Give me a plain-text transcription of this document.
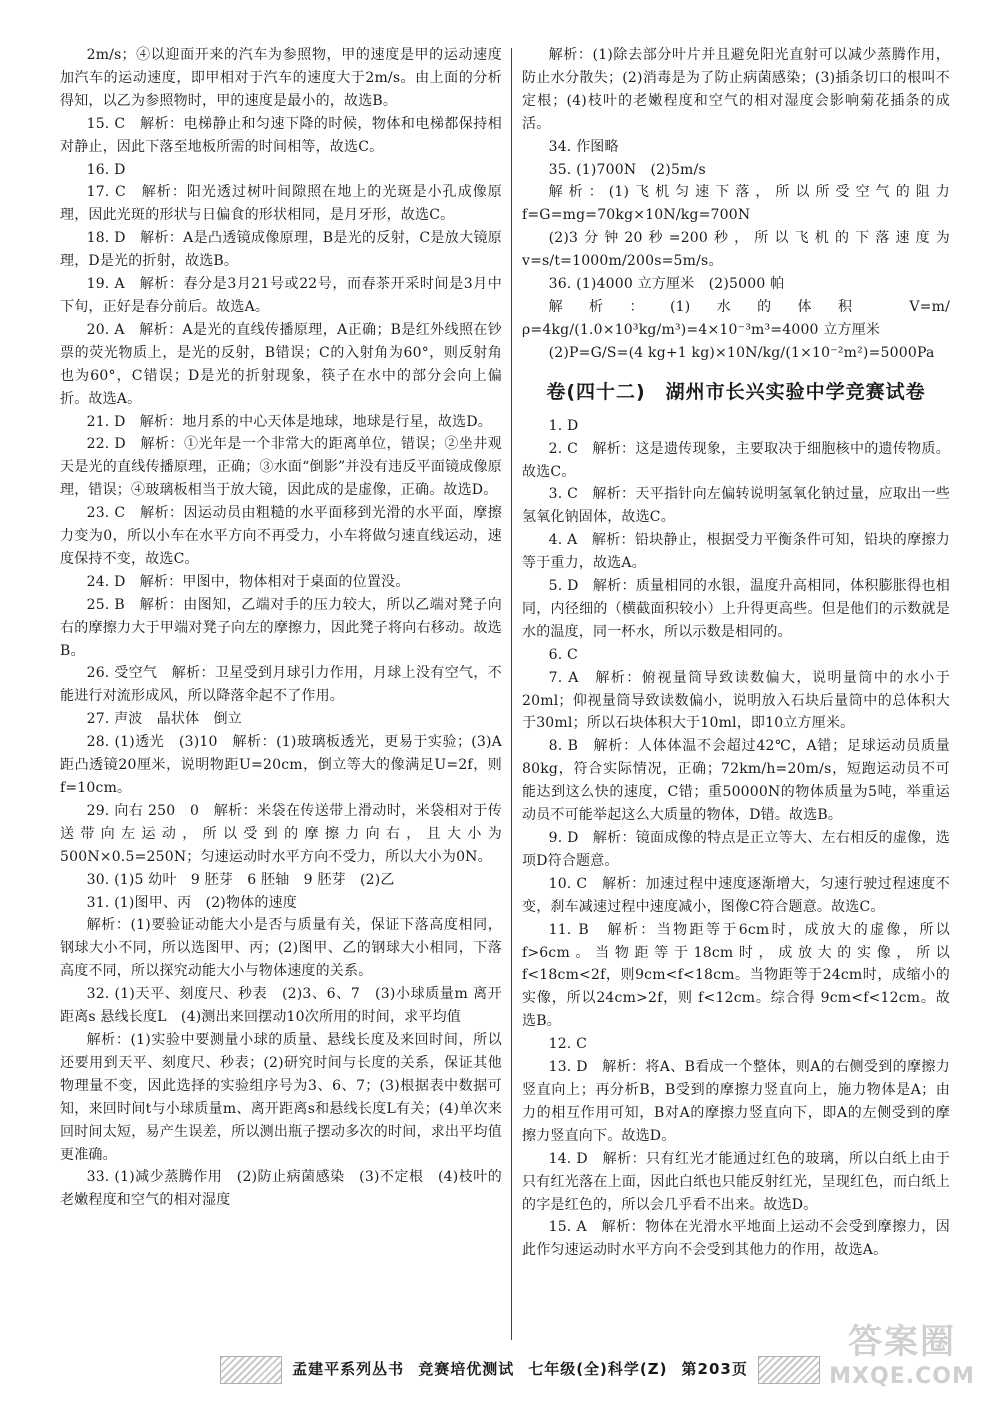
2m/s；④以迎面开来的汽车为参照物，甲的速度是甲的运动速度加汽车的运动速度，即甲相对于汽车的速度大于2m/s。由上面的分析得知，以乙为参照物时，甲的速度是最小的，故选B。

15. C　解析：电梯静止和匀速下降的时候，物体和电梯都保持相对静止，因此下落至地板所需的时间相等，故选C。

16. D

17. C　解析：阳光透过树叶间隙照在地上的光斑是小孔成像原理，因此光斑的形状与日偏食的形状相同，是月牙形，故选C。

18. D　解析：A是凸透镜成像原理，B是光的反射，C是放大镜原理，D是光的折射，故选B。

19. A　解析：春分是3月21号或22号，而春茶开采时间是3月中下旬，正好是春分前后。故选A。

20. A　解析：A是光的直线传播原理，A正确；B是红外线照在钞票的荧光物质上，是光的反射，B错误；C的入射角为60°，则反射角也为60°，C错误；D是光的折射现象，筷子在水中的部分会向上偏折。故选A。

21. D　解析：地月系的中心天体是地球，地球是行星，故选D。

22. D　解析：①光年是一个非常大的距离单位，错误；②坐井观天是光的直线传播原理，正确；③水面“倒影”并没有违反平面镜成像原理，错误；④玻璃板相当于放大镜，因此成的是虚像，正确。故选D。

23. C　解析：因运动员由粗糙的水平面移到光滑的水平面，摩擦力变为0，所以小车在水平方向不再受力，小车将做匀速直线运动，速度保持不变，故选C。

24. D　解析：甲图中，物体相对于桌面的位置没。

25. B　解析：由图知，乙端对手的压力较大，所以乙端对凳子向右的摩擦力大于甲端对凳子向左的摩擦力，因此凳子将向右移动。故选B。

26. 受空气　解析：卫星受到月球引力作用，月球上没有空气，不能进行对流形成风，所以降落伞起不了作用。

27. 声波　晶状体　倒立

28. (1)透光　(3)10　解析：(1)玻璃板透光，更易于实验；(3)A距凸透镜20厘米，说明物距U=20cm，倒立等大的像满足U=2f，则f=10cm。

29. 向右 250　0　解析：米袋在传送带上滑动时，米袋相对于传送带向左运动，所以受到的摩擦力向右，且大小为500N×0.5=250N；匀速运动时水平方向不受力，所以大小为0N。

30. (1)5 幼叶　9 胚芽　6 胚轴　9 胚芽　(2)乙

31. (1)图甲、丙　(2)物体的速度

解析：(1)要验证动能大小是否与质量有关，保证下落高度相同，钢球大小不同，所以选图甲、丙；(2)图甲、乙的钢球大小相同，下落高度不同，所以探究动能大小与物体速度的关系。

32. (1)天平、刻度尺、秒表　(2)3、6、7　(3)小球质量m 离开距离s 悬线长度L　(4)测出来回摆动10次所用的时间，求平均值

解析：(1)实验中要测量小球的质量、悬线长度及来回时间，所以还要用到天平、刻度尺、秒表；(2)研究时间与长度的关系，保证其他物理量不变，因此选择的实验组序号为3、6、7；(3)根据表中数据可知，来回时间t与小球质量m、离开距离s和悬线长度L有关；(4)单次来回时间太短，易产生误差，所以测出瓶子摆动多次的时间，求出平均值更准确。

33. (1)减少蒸腾作用　(2)防止病菌感染　(3)不定根　(4)枝叶的老嫩程度和空气的相对湿度

解析：(1)除去部分叶片并且避免阳光直射可以减少蒸腾作用，防止水分散失；(2)消毒是为了防止病菌感染；(3)插条切口的根叫不定根；(4)枝叶的老嫩程度和空气的相对湿度会影响菊花插条的成活。

34. 作图略

35. (1)700N　(2)5m/s

解析：(1)飞机匀速下落，所以所受空气的阻力 f=G=mg=70kg×10N/kg=700N

(2)3分钟20秒=200秒，所以飞机的下落速度为 v=s/t=1000m/200s=5m/s。

36. (1)4000 立方厘米　(2)5000 帕

解析：(1)水的体积 V=m/ρ=4kg/(1.0×10³kg/m³)=4×10⁻³m³=4000 立方厘米

(2)P=G/S=(4 kg+1 kg)×10N/kg/(1×10⁻²m²)=5000Pa

卷(四十二)　湖州市长兴实验中学竞赛试卷

1. D

2. C　解析：这是遗传现象，主要取决于细胞核中的遗传物质。故选C。

3. C　解析：天平指针向左偏转说明氢氧化钠过量，应取出一些氢氧化钠固体，故选C。

4. A　解析：铅块静止，根据受力平衡条件可知，铅块的摩擦力等于重力，故选A。

5. D　解析：质量相同的水银，温度升高相同，体积膨胀得也相同，内径细的（横截面积较小）上升得更高些。但是他们的示数就是水的温度，同一杯水，所以示数是相同的。

6. C

7. A　解析：俯视量筒导致读数偏大，说明量筒中的水小于20ml；仰视量筒导致读数偏小，说明放入石块后量筒中的总体积大于30ml；所以石块体积大于10ml，即10立方厘米。

8. B　解析：人体体温不会超过42℃，A错；足球运动员质量80kg，符合实际情况，正确；72km/h=20m/s，短跑运动员不可能达到这么快的速度，C错；重50000N的物体质量为5吨，举重运动员不可能举起这么大质量的物体，D错。故选B。

9. D　解析：镜面成像的特点是正立等大、左右相反的虚像，选项D符合题意。

10. C　解析：加速过程中速度逐渐增大，匀速行驶过程速度不变，刹车减速过程中速度减小，图像C符合题意。故选C。

11. B　解析：当物距等于6cm时，成放大的虚像，所以 f>6cm。当物距等于18cm时，成放大的实像，所以 f<18cm<2f，则9cm<f<18cm。当物距等于24cm时，成缩小的实像，所以24cm>2f，则 f<12cm。综合得 9cm<f<12cm。故选B。

12. C

13. D　解析：将A、B看成一个整体，则A的右侧受到的摩擦力竖直向上；再分析B，B受到的摩擦力竖直向上，施力物体是A；由力的相互作用可知，B对A的摩擦力竖直向下，即A的左侧受到的摩擦力竖直向下。故选D。

14. D　解析：只有红光才能通过红色的玻璃，所以白纸上由于只有红光落在上面，因此白纸也只能反射红光，呈现红色，而白纸上的字是红色的，所以会几乎看不出来。故选D。

15. A　解析：物体在光滑水平地面上运动不会受到摩擦力，因此作匀速运动时水平方向不会受到其他力的作用，故选A。

孟建平系列丛书 竞赛培优测试 七年级(全)科学(Z) 第203页
答案圈
MXQE.COM
